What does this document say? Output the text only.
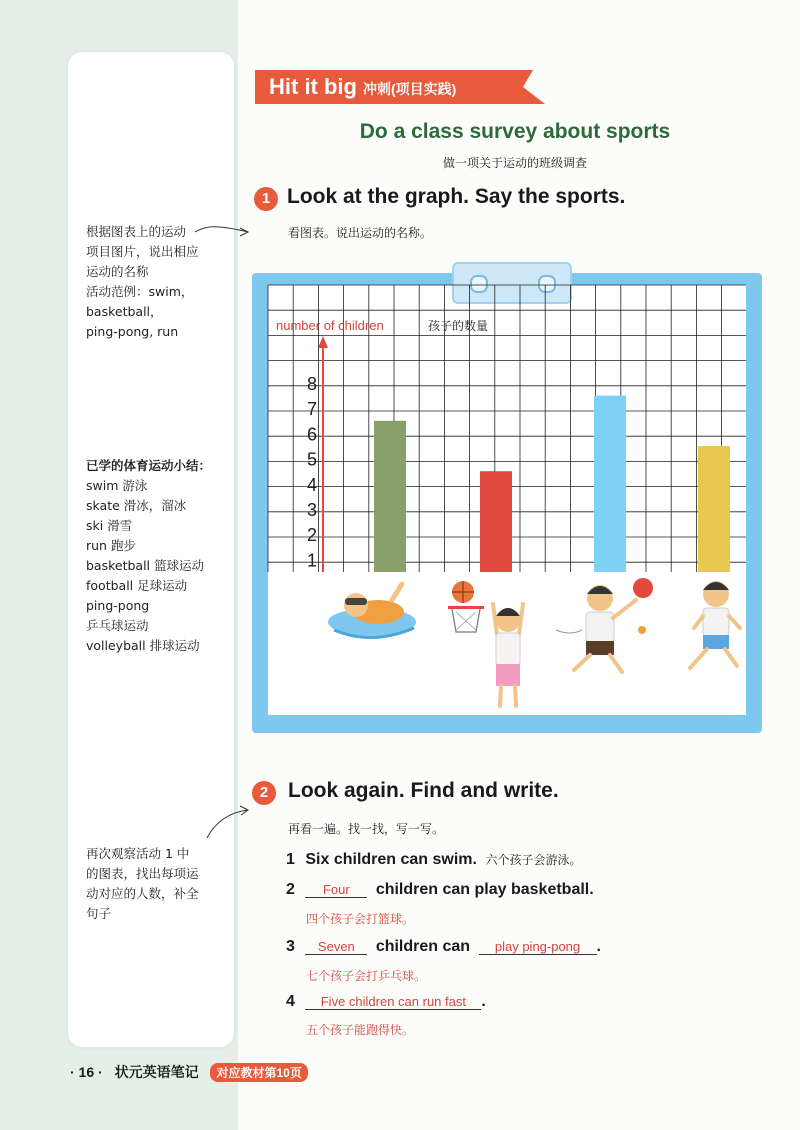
根据图表上的运动
项目图片，说出相应
运动的名称
活动范例：swim，
basketball，
ping-pong, run
已学的体育运动小结：
swim 游泳
skate 滑冰，溜冰
ski 滑雪
run 跑步
basketball 篮球运动
football 足球运动
ping-pong
乒乓球运动
volleyball 排球运动
再次观察活动 1 中
的图表，找出每项运
动对应的人数，补全
句子
Hit it big 冲刺(项目实践)
Do a class survey about sports
做一项关于运动的班级调查
1 Look at the graph. Say the sports.
看图表。说出运动的名称。
number of children	孩子的数量
1
2
3
4
5
6
7
8
2 Look again. Find and write.
再看一遍。找一找，写一写。
1 Six children can swim. 六个孩子会游泳。
2 Four children can play basketball.
四个孩子会打篮球。
3 Seven children can play ping-pong .
七个孩子会打乒乓球。
4 Five children can run fast .
五个孩子能跑得快。
· 16 · 状元英语笔记 对应教材第10页
